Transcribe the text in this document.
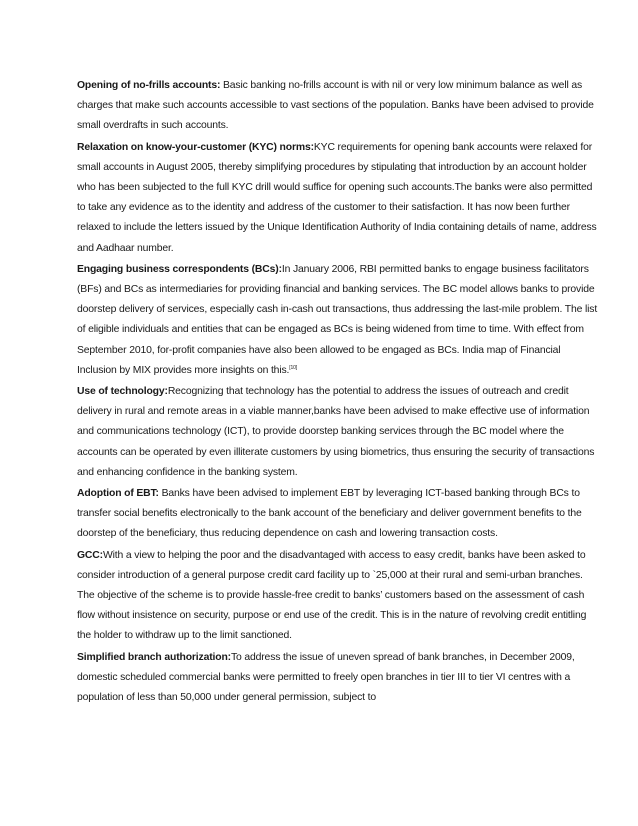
Opening of no-frills accounts: Basic banking no-frills account is with nil or very low minimum balance as well as charges that make such accounts accessible to vast sections of the population. Banks have been advised to provide small overdrafts in such accounts.

Relaxation on know-your-customer (KYC) norms:KYC requirements for opening bank accounts were relaxed for small accounts in August 2005, thereby simplifying procedures by stipulating that introduction by an account holder who has been subjected to the full KYC drill would suffice for opening such accounts.The banks were also permitted to take any evidence as to the identity and address of the customer to their satisfaction. It has now been further relaxed to include the letters issued by the Unique Identification Authority of India containing details of name, address and Aadhaar number.

Engaging business correspondents (BCs):In January 2006, RBI permitted banks to engage business facilitators (BFs) and BCs as intermediaries for providing financial and banking services. The BC model allows banks to provide doorstep delivery of services, especially cash in-cash out transactions, thus addressing the last-mile problem. The list of eligible individuals and entities that can be engaged as BCs is being widened from time to time. With effect from September 2010, for-profit companies have also been allowed to be engaged as BCs. India map of Financial Inclusion by MIX provides more insights on this.[10]

Use of technology:Recognizing that technology has the potential to address the issues of outreach and credit delivery in rural and remote areas in a viable manner,banks have been advised to make effective use of information and communications technology (ICT), to provide doorstep banking services through the BC model where the accounts can be operated by even illiterate customers by using biometrics, thus ensuring the security of transactions and enhancing confidence in the banking system.

Adoption of EBT: Banks have been advised to implement EBT by leveraging ICT-based banking through BCs to transfer social benefits electronically to the bank account of the beneficiary and deliver government benefits to the doorstep of the beneficiary, thus reducing dependence on cash and lowering transaction costs.

GCC:With a view to helping the poor and the disadvantaged with access to easy credit, banks have been asked to consider introduction of a general purpose credit card facility up to `25,000 at their rural and semi-urban branches. The objective of the scheme is to provide hassle-free credit to banks’ customers based on the assessment of cash flow without insistence on security, purpose or end use of the credit. This is in the nature of revolving credit entitling the holder to withdraw up to the limit sanctioned.

Simplified branch authorization:To address the issue of uneven spread of bank branches, in December 2009, domestic scheduled commercial banks were permitted to freely open branches in tier III to tier VI centres with a population of less than 50,000 under general permission, subject to
